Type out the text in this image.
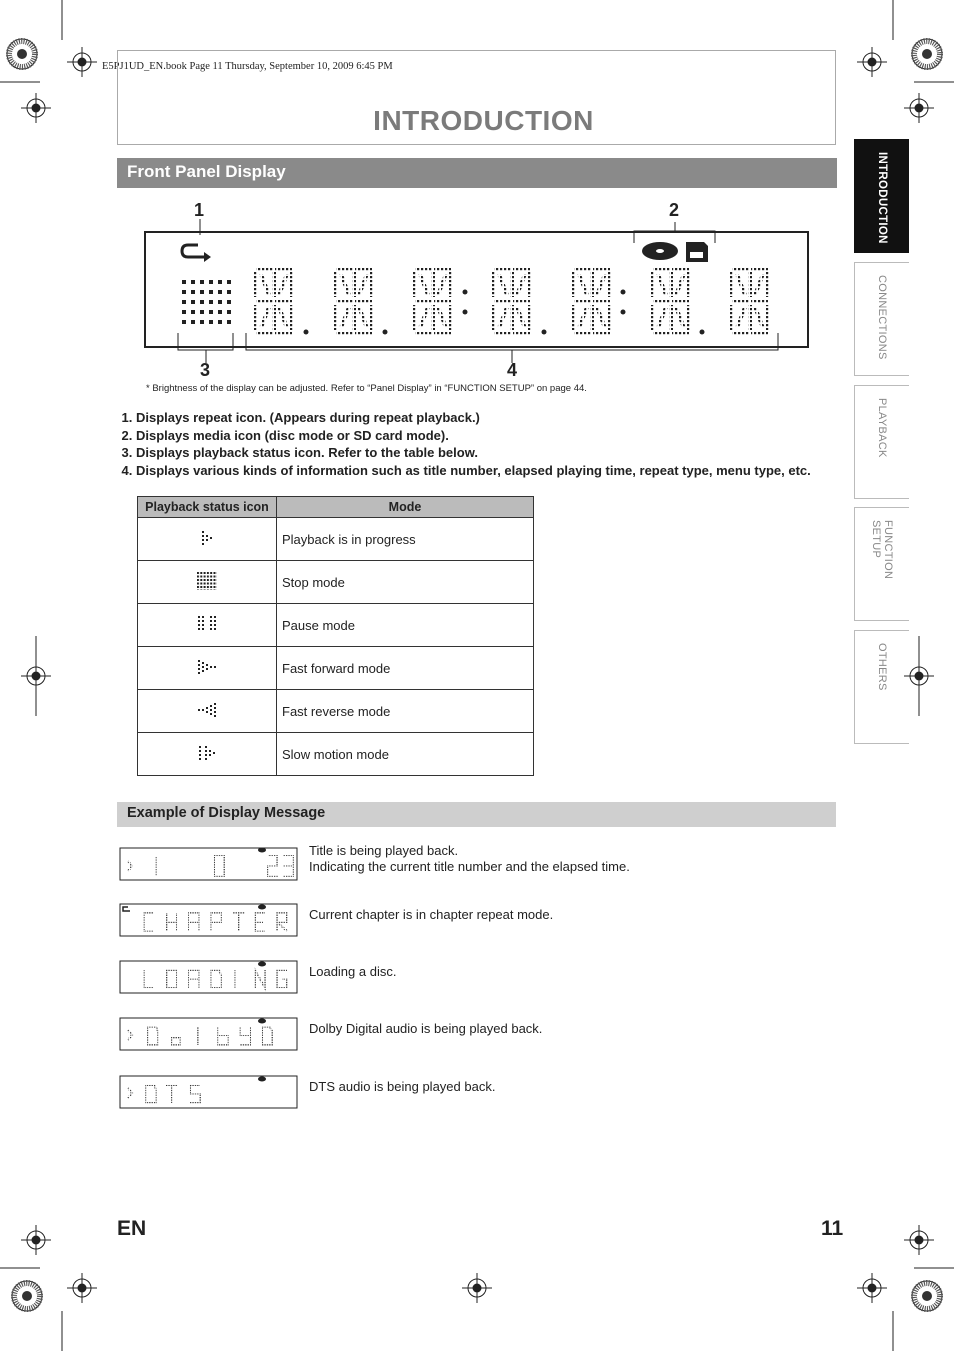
E5PJ1UD_EN.book Page 11 Thursday, September 10, 2009 6:45 PM
INTRODUCTION
Front Panel Display	INTRODUCTION
CONNECTIONS
PLAYBACK
FUNCTION SETUP
OTHERS
1	2
3	4
* Brightness of the display can be adjusted. Refer to “Panel Display” in “FUNCTION SETUP” on page 44.
1. Displays repeat icon. (Appears during repeat playback.)
2. Displays media icon (disc mode or SD card mode).
3. Displays playback status icon. Refer to the table below.
4. Displays various kinds of information such as title number, elapsed playing time, repeat type, menu type, etc.
Playback status icon	Mode
	Playback is in progress
	Stop mode
	Pause mode
	Fast forward mode
	Fast reverse mode
	Slow motion mode
Example of Display Message
Title is being played back.
Indicating the current title number and the elapsed time.
Current chapter is in chapter repeat mode.
Loading a disc.
Dolby Digital audio is being played back.
DTS audio is being played back.
EN	11
